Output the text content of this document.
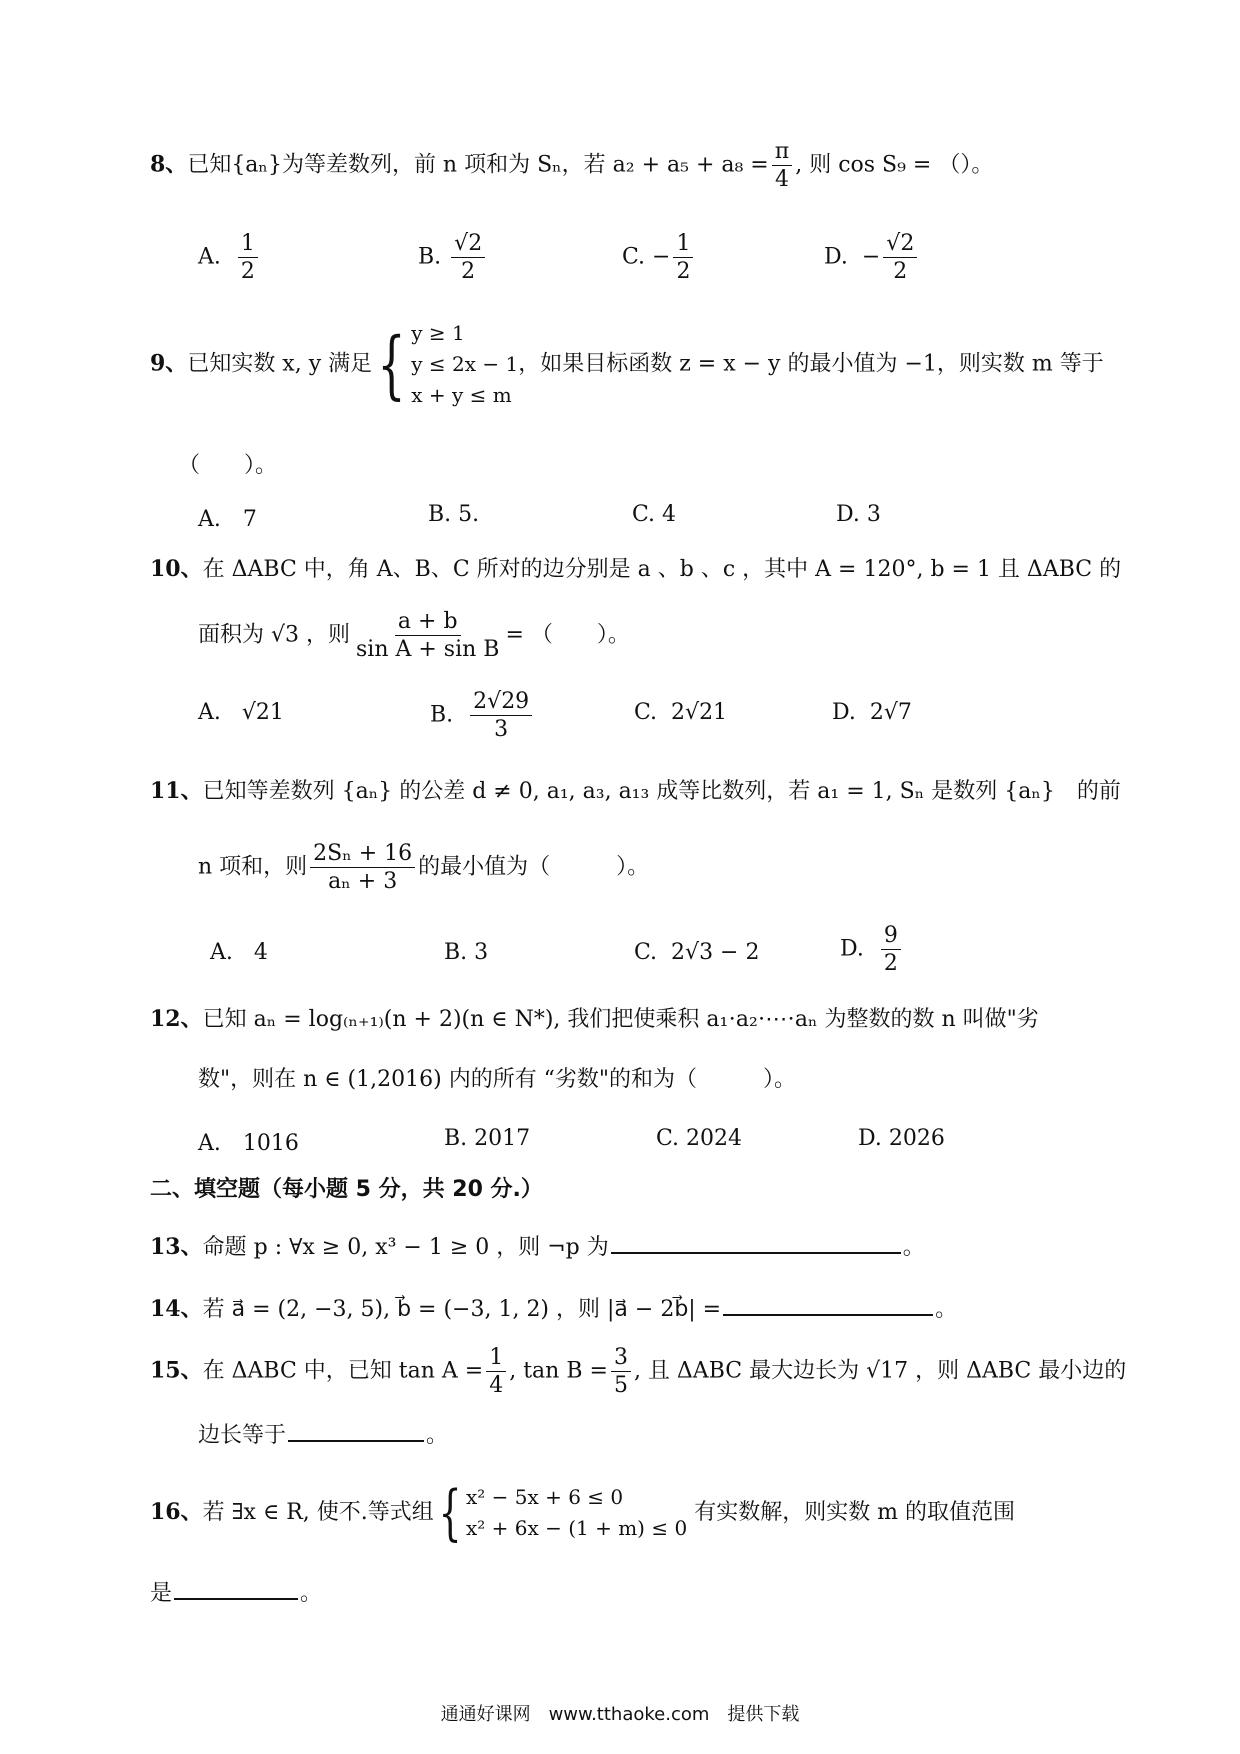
8、已知{aₙ}为等差数列，前 n 项和为 Sₙ，若 $a_2 + a_5 + a_8 = \frac{\pi}{4}$ , 则 cos S₉ = （）。
A. $\frac{1}{2}$	B. $\frac{√2}{2}$	C. − $\frac{1}{2}$	D. − $\frac{√2}{2}$
9、已知实数 x, y 满足 { y ≥ 1
y ≤ 2x − 1
x + y ≤ m
，如果目标函数 z = x − y 的最小值为 −1，则实数 m 等于
（　　）。
A.　7	B. 5.	C. 4	D. 3
10、在 ΔABC 中，角 A、B、C 所对的边分别是 a 、b 、c ，其中 A = 120°, b = 1 且 ΔABC 的
面积为 √3 ，则 $\frac{a + b}{\text{sin A + sin B}}$ = （　　）。
A. √21	B. $\frac{2√29}{3}$	C. 2√21	D. 2√7
11、已知等差数列 {aₙ} 的公差 d ≠ 0, a₁, a₃, a₁₃ 成等比数列，若 a₁ = 1, Sₙ 是数列 {aₙ}　的前
n 项和，则 $\frac{\text{2Sₙ + 16}}{\text{aₙ + 3}}$ 的最小值为（　　　）。
A. 4	B. 3	C. 2√3 − 2	D. $\frac{9}{2}$
12、已知 aₙ = log₍ₙ₊₁₎(n + 2)(n ∈ N*), 我们把使乘积 a₁⋅a₂⋅⋯⋅aₙ 为整数的数 n 叫做"劣
数"，则在 n ∈ (1,2016) 内的所有 “劣数"的和为（　　　）。
A.　1016	B. 2017	C. 2024	D. 2026
二、填空题（每小题 5 分，共 20 分.）
13、命题 p : ∀x ≥ 0, x³ − 1 ≥ 0 ，则 ¬p 为	。
14、若 a⃗ = (2, −3, 5), b⃗ = (−3, 1, 2) ，则 |a⃗ − 2b⃗| =	。
15、在 ΔABC 中，已知 $\tan A = \frac{1}{4}$ , $\tan B = \frac{3}{5}$ , 且 ΔABC 最大边长为 √17 ，则 ΔABC 最小边的
边长等于	。
16、若 ∃x ∈ R, 使不.等式组 { x² − 5x + 6 ≤ 0
x² + 6x − (1 + m) ≤ 0
有实数解，则实数 m 的取值范围
是	。
通通好课网　www.tthaoke.com　提供下载
